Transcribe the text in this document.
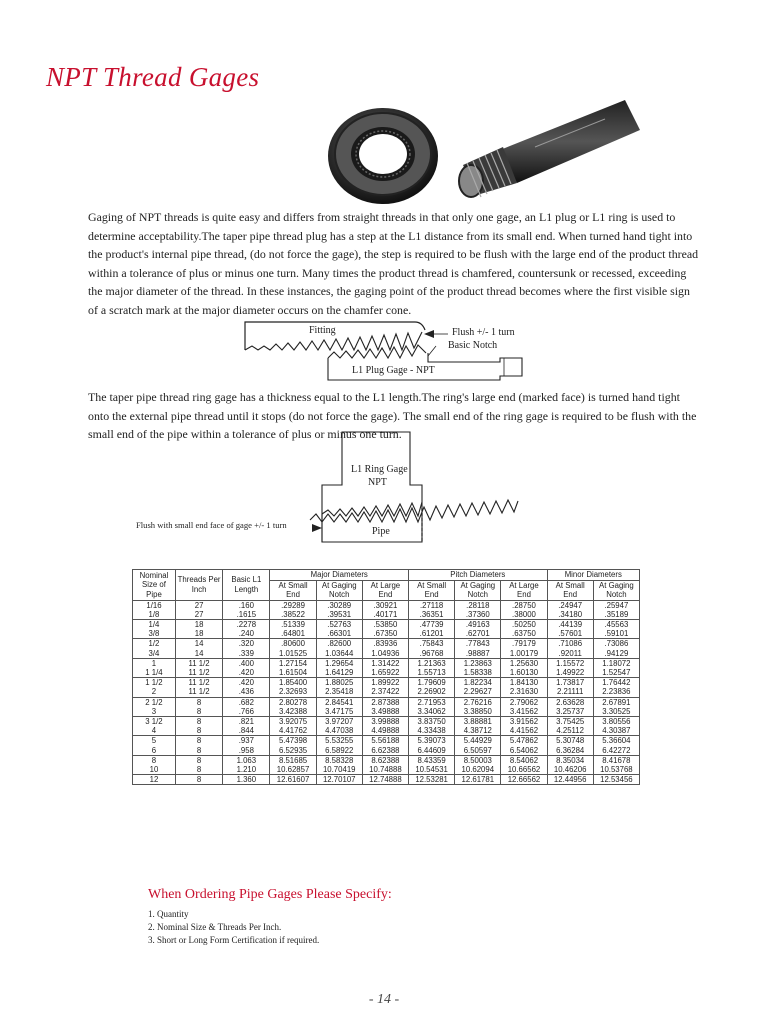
NPT Thread Gages
Gaging of NPT threads is quite easy and differs from straight threads in that only one gage, an L1 plug or L1 ring is used to determine acceptability.The taper pipe thread plug has a step at the L1 distance from its small end. When turned hand tight into the product's internal pipe thread, (do not force the gage), the step is required to be flush with the large end of the product thread within a tolerance of plus or minus one turn. Many times the product thread is chamfered, countersunk or recessed, exceeding the major diameter of the thread. In these instances, the gaging point of the product thread becomes where the first visible sign of a scratch mark at the major diameter occurs on the chamfer cone.
Fitting	Flush +/- 1 turn
Basic Notch
L1 Plug Gage - NPT
The taper pipe thread ring gage has a thickness equal to the L1 length.The ring's large end (marked face) is turned hand tight onto the external pipe thread until it stops (do not force the gage). The small end of the ring gage is required to be flush with the small end of the pipe within a tolerance of plus or minus one turn.
L1 Ring Gage
NPT
Flush with small end face of gage +/- 1 turn
Pipe
Nominal Size of Pipe	Threads Per Inch	Basic L1 Length	Major Diameters			Pitch Diameters			Minor Diameters	
			At Small End	At Gaging Notch	At Large End	At Small End	At Gaging Notch	At Large End	At Small End	At Gaging Notch
1/16	27	.160	.29289	.30289	.30921	.27118	.28118	.28750	.24947	.25947
1/8	27	.1615	.38522	.39531	.40171	.36351	.37360	.38000	.34180	.35189
1/4	18	.2278	.51339	.52763	.53850	.47739	.49163	.50250	.44139	.45563
3/8	18	.240	.64801	.66301	.67350	.61201	.62701	.63750	.57601	.59101
1/2	14	.320	.80600	.82600	.83936	.75843	.77843	.79179	.71086	.73086
3/4	14	.339	1.01525	1.03644	1.04936	.96768	.98887	1.00179	.92011	.94129
1	11 1/2	.400	1.27154	1.29654	1.31422	1.21363	1.23863	1.25630	1.15572	1.18072
1 1/4	11 1/2	.420	1.61504	1.64129	1.65922	1.55713	1.58338	1.60130	1.49922	1.52547
1 1/2	11 1/2	.420	1.85400	1.88025	1.89922	1.79609	1.82234	1.84130	1.73817	1.76442
2	11 1/2	.436	2.32693	2.35418	2.37422	2.26902	2.29627	2.31630	2.21111	2.23836
2 1/2	8	.682	2.80278	2.84541	2.87388	2.71953	2.76216	2.79062	2.63628	2.67891
3	8	.766	3.42388	3.47175	3.49888	3.34062	3.38850	3.41562	3.25737	3.30525
3 1/2	8	.821	3.92075	3.97207	3.99888	3.83750	3.88881	3.91562	3.75425	3.80556
4	8	.844	4.41762	4.47038	4.49888	4.33438	4.38712	4.41562	4.25112	4.30387
5	8	.937	5.47398	5.53255	5.56188	5.39073	5.44929	5.47862	5.30748	5.36604
6	8	.958	6.52935	6.58922	6.62388	6.44609	6.50597	6.54062	6.36284	6.42272
8	8	1.063	8.51685	8.58328	8.62388	8.43359	8.50003	8.54062	8.35034	8.41678
10	8	1.210	10.62857	10.70419	10.74888	10.54531	10.62094	10.66562	10.46206	10.53768
12	8	1.360	12.61607	12.70107	12.74888	12.53281	12.61781	12.66562	12.44956	12.53456
When Ordering Pipe Gages Please Specify:
1. Quantity
2. Nominal Size & Threads Per Inch.
3. Short or Long Form Certification if required.
- 14 -
